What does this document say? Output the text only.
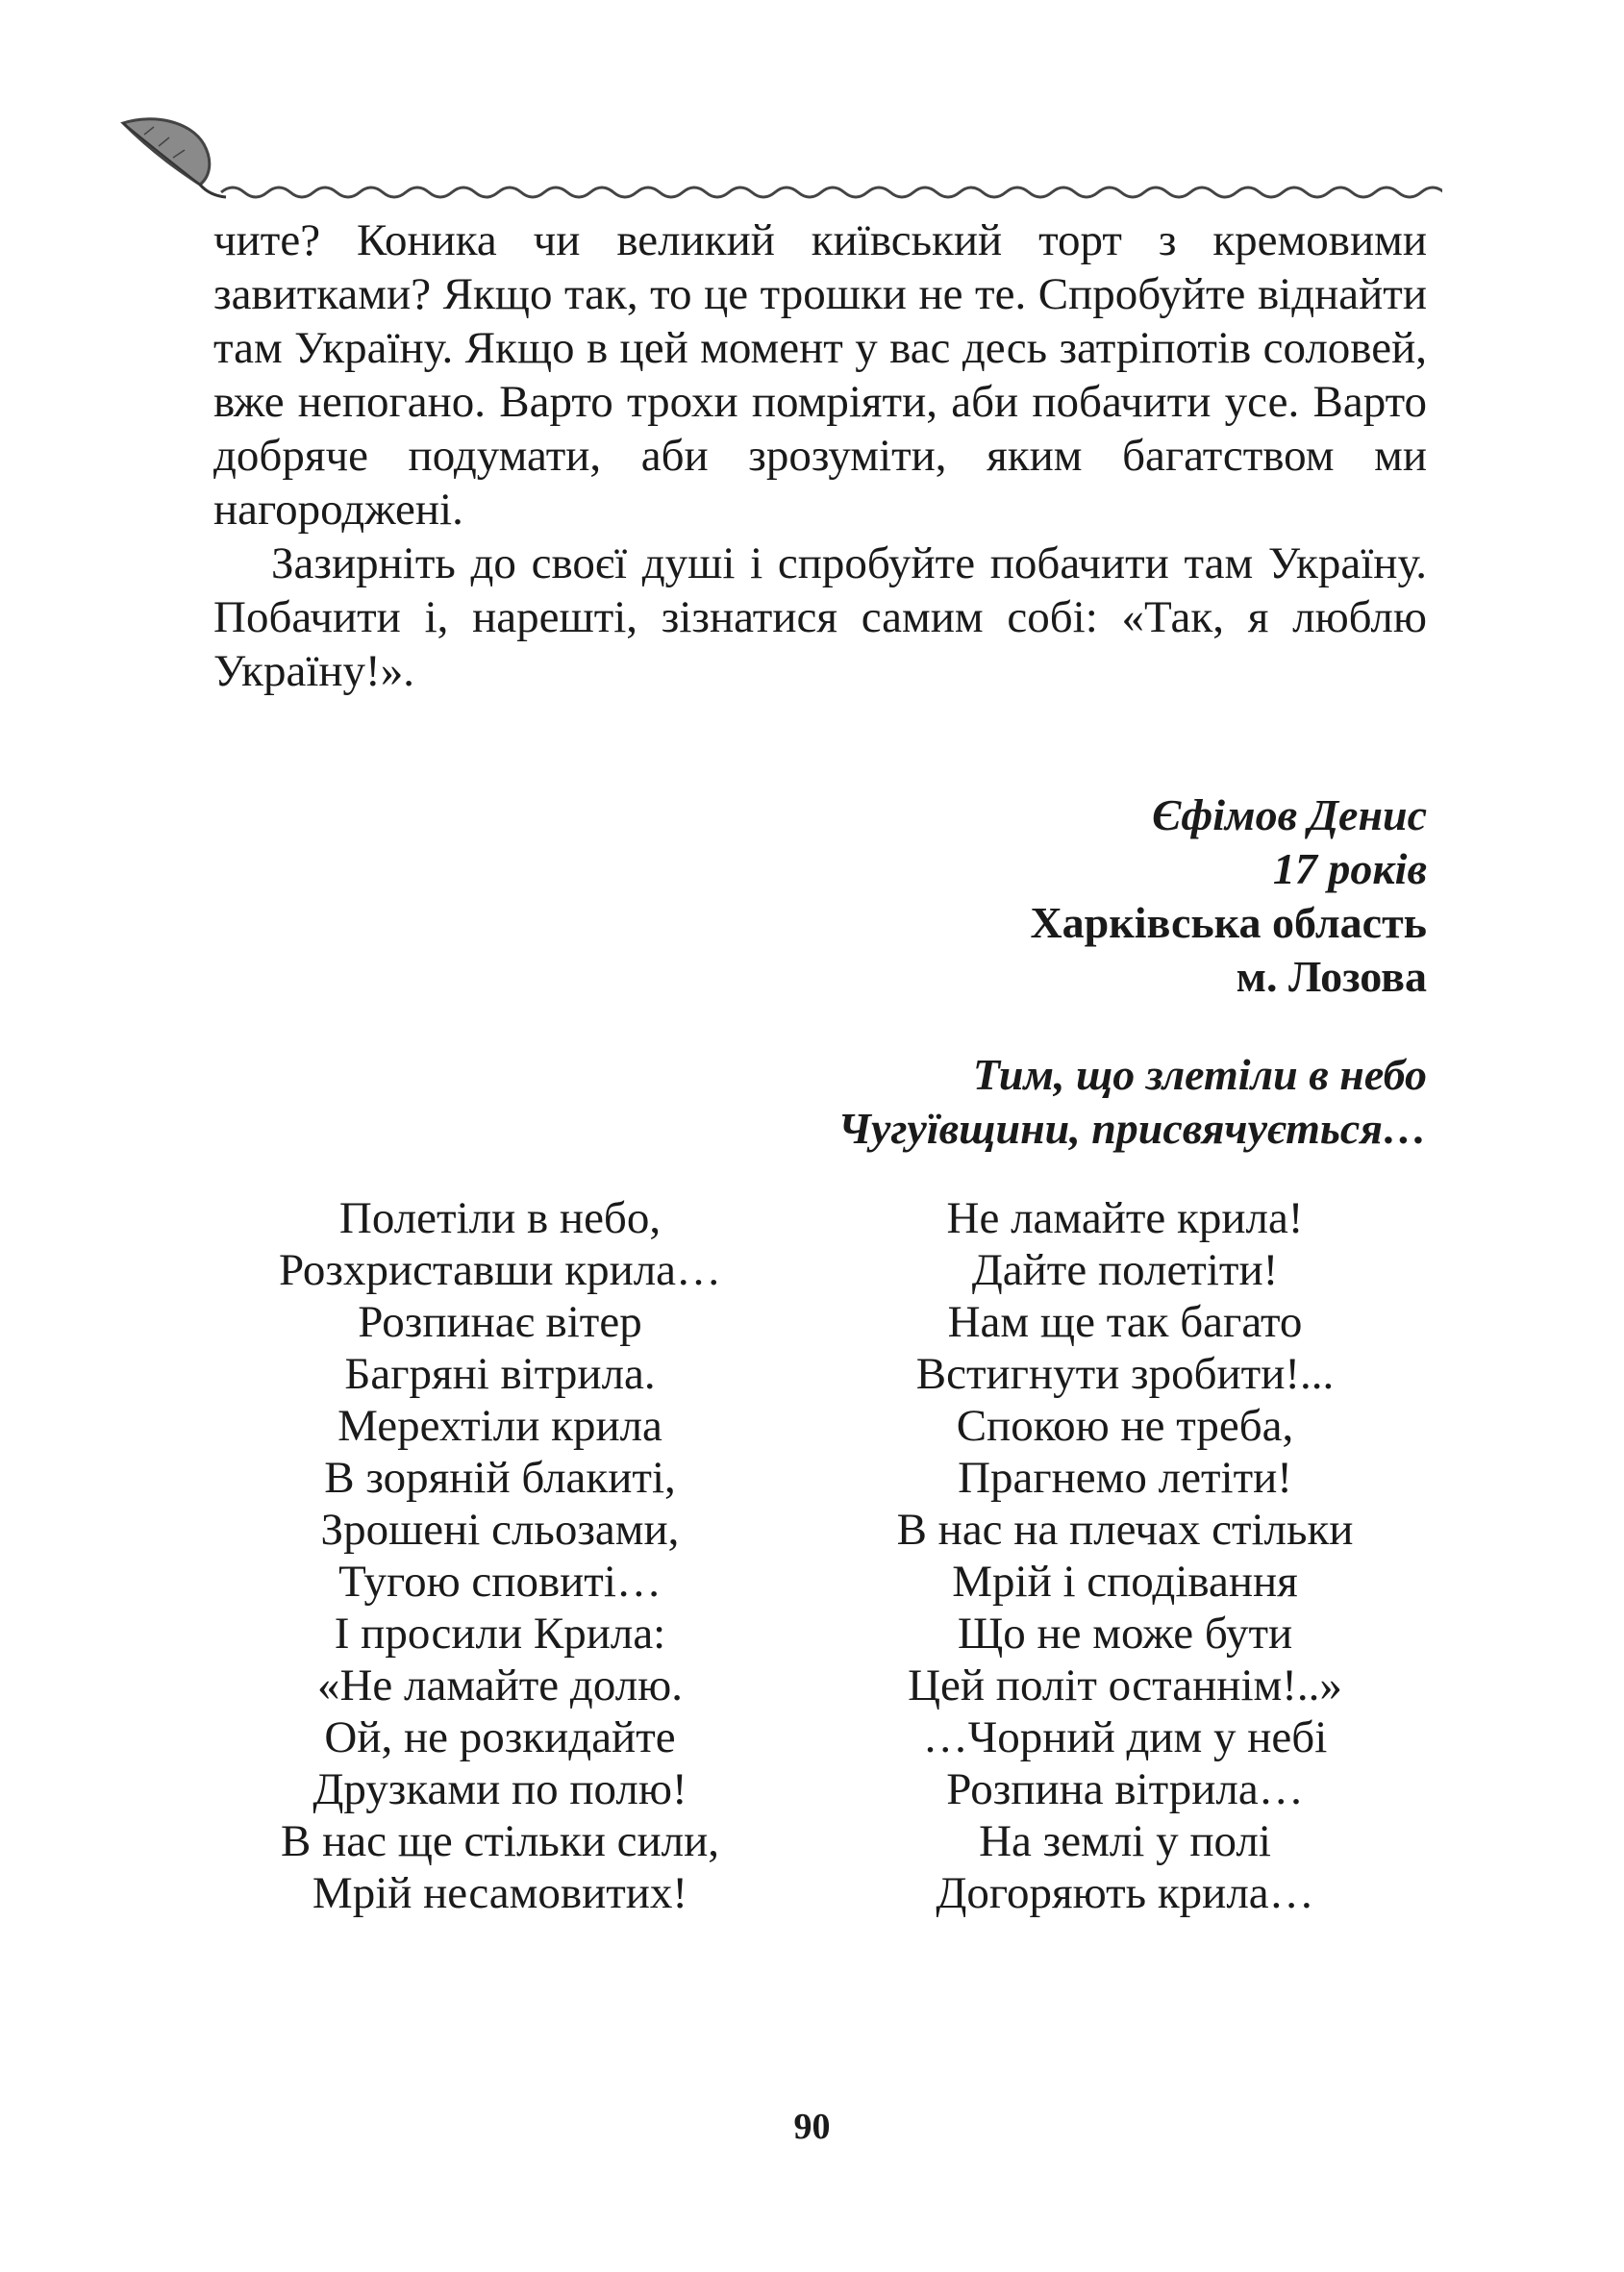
чите? Коника чи великий київський торт з кремовими завитками? Якщо так, то це трошки не те. Спробуйте віднайти там Україну. Якщо в цей момент у вас десь затріпотів соловей, вже непогано. Варто трохи помріяти, аби побачити усе. Варто добряче подумати, аби зрозуміти, яким багатством ми нагороджені.

Зазирніть до своєї душі і спробуйте побачити там Україну. Побачити і, нарешті, зізнатися самим собі: «Так, я люблю Україну!».

Єфімов Денис
17 років
Харківська область
м. Лозова
Тим, що злетіли в небо
Чугуївщини, присвячується…
Полетіли в небо,
Розхриставши крила…
Розпинає вітер
Багряні вітрила.
Мерехтіли крила
В зоряній блакиті,
Зрошені сльозами,
Тугою сповиті…
І просили Крила:
«Не ламайте долю.
Ой, не розкидайте
Друзками по полю!
В нас ще стільки сили,
Мрій несамовитих!
Не ламайте крила!
Дайте полетіти!
Нам ще так багато
Встигнути зробити!...
Спокою не треба,
Прагнемо летіти!
В нас на плечах стільки
Мрій і сподівання
Що не може бути
Цей політ останнім!..»
…Чорний дим у небі
Розпина вітрила…
На землі у полі
Догоряють крила…
90
